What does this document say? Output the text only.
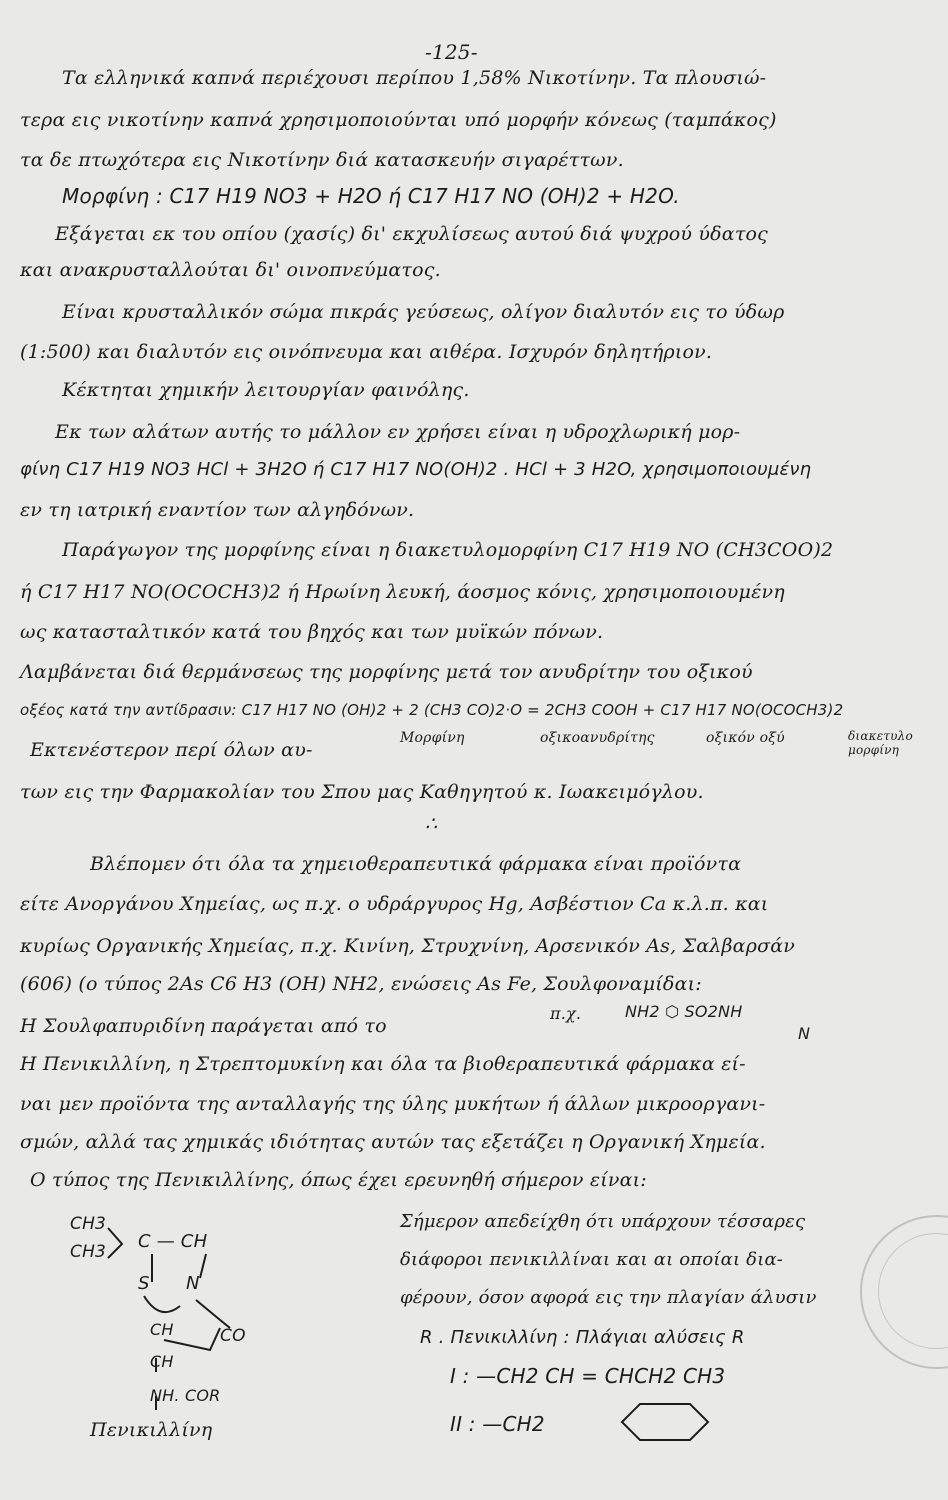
-125-
Τα ελληνικά καπνά περιέχουσι περίπου 1,58% Νικοτίνην. Τα πλουσιώ-
τερα εις νικοτίνην καπνά χρησιμοποιούνται υπό μορφήν κόνεως (ταμπάκος)
τα δε πτωχότερα εις Νικοτίνην διά κατασκευήν σιγαρέττων.
Μορφίνη : C17 H19 NO3 + H2O ή C17 H17 NO (OH)2 + H2O.
Εξάγεται εκ του οπίου (χασίς) δι' εκχυλίσεως αυτού διά ψυχρού ύδατος
και ανακρυσταλλούται δι' οινοπνεύματος.
Είναι κρυσταλλικόν σώμα πικράς γεύσεως, ολίγον διαλυτόν εις το ύδωρ
(1:500) και διαλυτόν εις οινόπνευμα και αιθέρα. Ισχυρόν δηλητήριον.
Κέκτηται χημικήν λειτουργίαν φαινόλης.
Εκ των αλάτων αυτής το μάλλον εν χρήσει είναι η υδροχλωρική μορ-
φίνη C17 H19 NO3 HCl + 3H2O ή C17 H17 NO(OH)2 . HCl + 3 H2O, χρησιμοποιουμένη
εν τη ιατρική εναντίον των αλγηδόνων.
Παράγωγον της μορφίνης είναι η διακετυλομορφίνη C17 H19 NO (CH3COO)2
ή C17 H17 NO(OCOCH3)2 ή Ηρωίνη λευκή, άοσμος κόνις, χρησιμοποιουμένη
ως κατασταλτικόν κατά του βηχός και των μυϊκών πόνων.
Λαμβάνεται διά θερμάνσεως της μορφίνης μετά τον ανυδρίτην του οξικού
οξέος κατά την αντίδρασιν: C17 H17 NO (OH)2 + 2 (CH3 CO)2·O = 2CH3 COOH + C17 H17 NO(OCOCH3)2
Μορφίνη	οξικοανυδρίτης	οξικόν οξύ	διακετυλο
μορφίνη
Εκτενέστερον περί όλων αυ-
των εις την Φαρμακολίαν του Σπου μας Καθηγητού κ. Ιωακειμόγλου.
∴
Βλέπομεν ότι όλα τα χημειοθεραπευτικά φάρμακα είναι προϊόντα
είτε Ανοργάνου Χημείας, ως π.χ. ο υδράργυρος Hg, Ασβέστιον Ca κ.λ.π. και
κυρίως Οργανικής Χημείας, π.χ. Κινίνη, Στρυχνίνη, Αρσενικόν As, Σαλβαρσάν
(606) (ο τύπος 2As C6 H3 (OH) NH2, ενώσεις As Fe, Σουλφοναμίδαι:
Η Σουλφαπυριδίνη παράγεται από το
π.χ.	NH2 ⬡ SO2NH
N
Η Πενικιλλίνη, η Στρεπτομυκίνη και όλα τα βιοθεραπευτικά φάρμακα εί-
ναι μεν προϊόντα της ανταλλαγής της ύλης μυκήτων ή άλλων μικροοργανι-
σμών, αλλά τας χημικάς ιδιότητας αυτών τας εξετάζει η Οργανική Χημεία.
Ο τύπος της Πενικιλλίνης, όπως έχει ερευνηθή σήμερον είναι:
Σήμερον απεδείχθη ότι υπάρχουν τέσσαρες
διάφοροι πενικιλλίναι και αι οποίαι δια-
φέρουν, όσον αφορά εις την πλαγίαν άλυσιν
R . Πενικιλλίνη : Πλάγιαι αλύσεις R
I : —CH2 CH = CHCH2 CH3
II : —CH2
CH3
CH3 C — CH
S N
CH	CO
CH
NH. COR
Πενικιλλίνη
